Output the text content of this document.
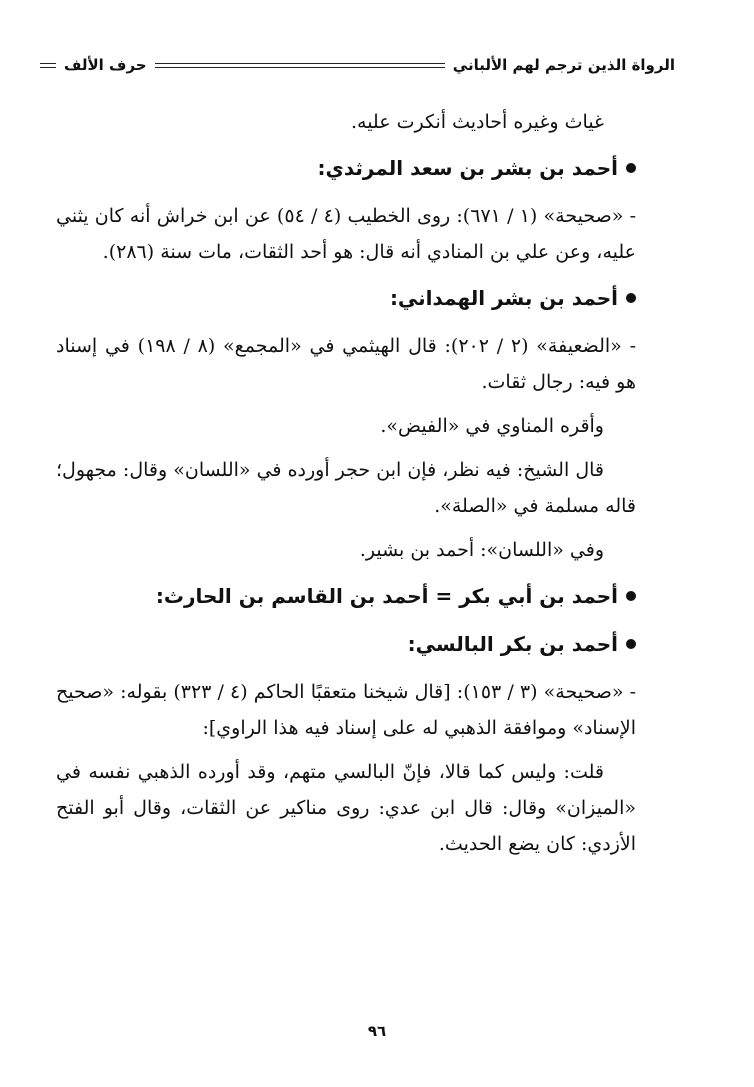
الرواة الذين ترجم لهم الألباني
حرف الألف

غياث وغيره أحاديث أنكرت عليه.

أحمد بن بشر بن سعد المرثدي:

- «صحيحة» (١ / ٦٧١): روى الخطيب (٤ / ٥٤) عن ابن خراش أنه كان يثني عليه، وعن علي بن المنادي أنه قال: هو أحد الثقات، مات سنة (٢٨٦).

أحمد بن بشر الهمداني:

- «الضعيفة» (٢ / ٢٠٢): قال الهيثمي في «المجمع» (٨ / ١٩٨) في إسناد هو فيه: رجال ثقات.

وأقره المناوي في «الفيض».

قال الشيخ: فيه نظر، فإن ابن حجر أورده في «اللسان» وقال: مجهول؛ قاله مسلمة في «الصلة».

وفي «اللسان»: أحمد بن بشير.

أحمد بن أبي بكر = أحمد بن القاسم بن الحارث:
أحمد بن بكر البالسي:

- «صحيحة» (٣ / ١٥٣): [قال شيخنا متعقبًا الحاكم (٤ / ٣٢٣) بقوله: «صحيح الإسناد» وموافقة الذهبي له على إسناد فيه هذا الراوي]:

قلت: وليس كما قالا، فإنّ البالسي متهم، وقد أورده الذهبي نفسه في «الميزان» وقال: قال ابن عدي: روى مناكير عن الثقات، وقال أبو الفتح الأزدي: كان يضع الحديث.

٩٦
